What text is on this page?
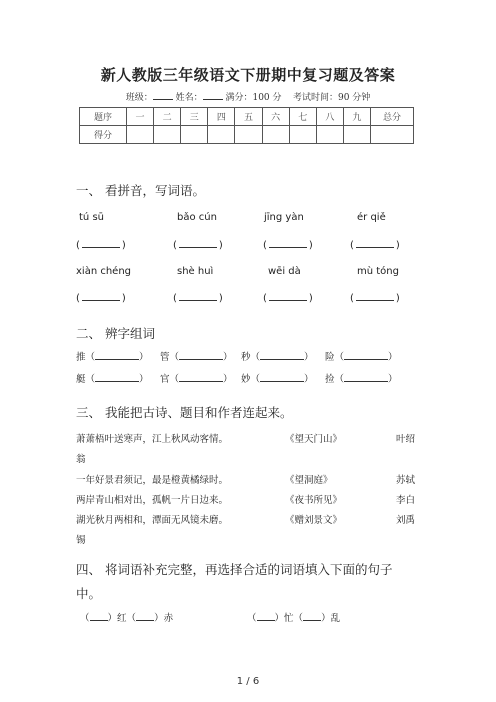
新人教版三年级语文下册期中复习题及答案
班级：	姓名：	满分：100 分 考试时间：90 分钟
题序	一	二	三	四	五	六	七	八	九	总分
得分										
一、 看拼音，写词语。
tú sū	bǎo cún	jīng yàn	ér qiě
(	)	(	)	(	)	(	)
xiàn chéng	shè huì	wēi dà	mù tóng
(	)	(	)	(	)	(	)
二、 辨字组词
推（	） 管（	） 秒（	） 险（	）
艇（	） 官（	） 妙（	） 捡（	）
三、 我能把古诗、题目和作者连起来。
萧萧梧叶送寒声，江上秋风动客情。	《望天门山》	叶绍
翁
一年好景君须记，最是橙黄橘绿时。	《望洞庭》	苏轼
两岸青山相对出，孤帆一片日边来。	《夜书所见》	李白
湖光秋月两相和，潭面无风镜未磨。	《赠刘景文》	刘禹
锡
四、 将词语补充完整，再选择合适的词语填入下面的句子
中。
（ ）红（ ）赤	（ ）忙（ ）乱
1 / 6
